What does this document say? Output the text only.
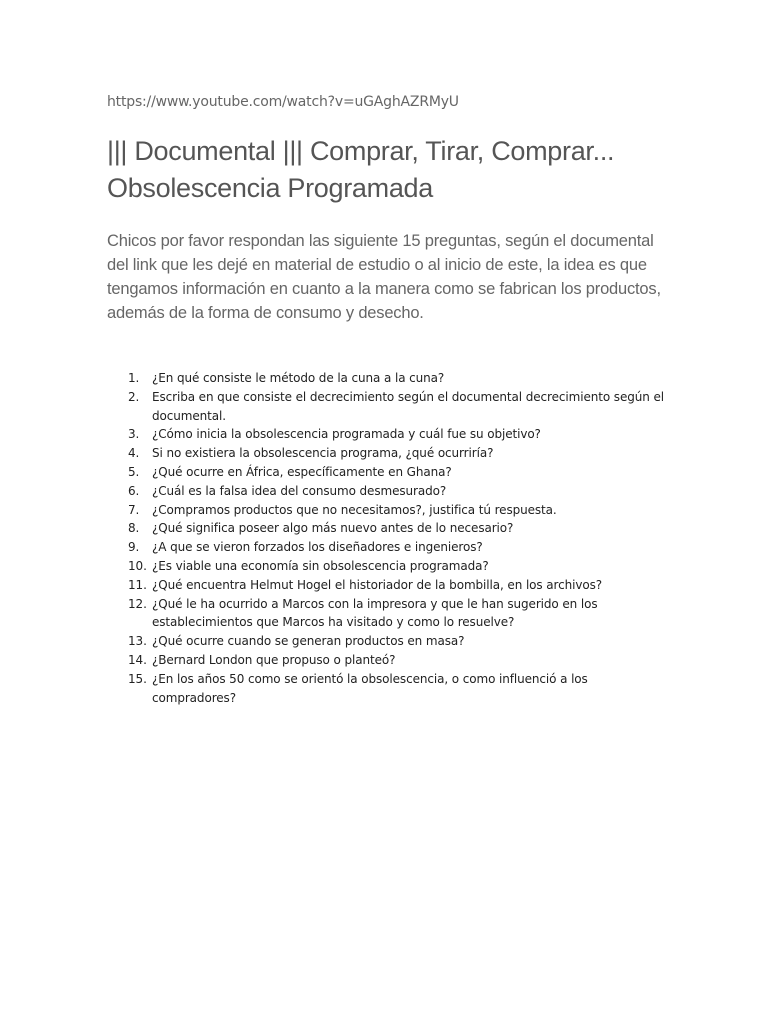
https://www.youtube.com/watch?v=uGAghAZRMyU
||| Documental ||| Comprar, Tirar, Comprar... Obsolescencia Programada
Chicos por favor respondan las siguiente 15 preguntas, según el documental del link que les dejé en material de estudio o al inicio de este, la idea es que tengamos información en cuanto a la manera como se fabrican los productos, además de la forma de consumo y desecho.
1.	¿En qué consiste le método de la cuna a la cuna?
2.	Escriba en que consiste el decrecimiento según el documental decrecimiento según el documental.
3.	¿Cómo inicia la obsolescencia programada y cuál fue su objetivo?
4.	Si no existiera la obsolescencia programa, ¿qué ocurriría?
5.	¿Qué ocurre en África, específicamente en Ghana?
6.	¿Cuál es la falsa idea del consumo desmesurado?
7.	¿Compramos productos que no necesitamos?, justifica tú respuesta.
8.	¿Qué significa poseer algo más nuevo antes de lo necesario?
9.	¿A que se vieron forzados los diseñadores e ingenieros?
10. ¿Es viable una economía sin obsolescencia programada?
11. ¿Qué encuentra Helmut Hogel el historiador de la bombilla, en los archivos?
12. ¿Qué le ha ocurrido a Marcos con la impresora y que le han sugerido en los establecimientos que Marcos ha visitado y como lo resuelve?
13. ¿Qué ocurre cuando se generan productos en masa?
14. ¿Bernard London que propuso o planteó?
15. ¿En los años 50 como se orientó la obsolescencia, o como influenció a los compradores?
